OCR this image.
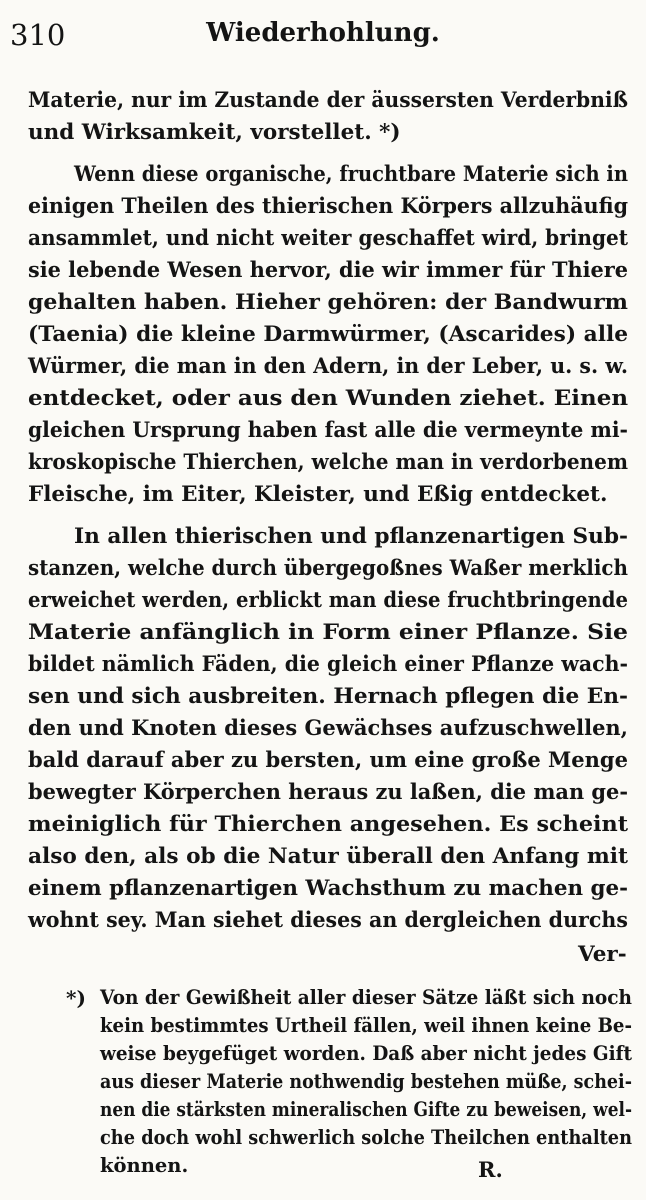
310	Wiederhohlung.
Materie, nur im Zustande der äussersten Verderbniß
und Wirksamkeit, vorstellet. *)
Wenn diese organische, fruchtbare Materie sich in
einigen Theilen des thierischen Körpers allzuhäufig
ansammlet, und nicht weiter geschaffet wird, bringet
sie lebende Wesen hervor, die wir immer für Thiere
gehalten haben. Hieher gehören: der Bandwurm
(Taenia) die kleine Darmwürmer, (Ascarides) alle
Würmer, die man in den Adern, in der Leber, u. s. w.
entdecket, oder aus den Wunden ziehet. Einen
gleichen Ursprung haben fast alle die vermeynte mi-
kroskopische Thierchen, welche man in verdorbenem
Fleische, im Eiter, Kleister, und Eßig entdecket.
In allen thierischen und pflanzenartigen Sub-
stanzen, welche durch übergegoßnes Waßer merklich
erweichet werden, erblickt man diese fruchtbringende
Materie anfänglich in Form einer Pflanze. Sie
bildet nämlich Fäden, die gleich einer Pflanze wach-
sen und sich ausbreiten. Hernach pflegen die En-
den und Knoten dieses Gewächses aufzuschwellen,
bald darauf aber zu bersten, um eine große Menge
bewegter Körperchen heraus zu laßen, die man ge-
meiniglich für Thierchen angesehen. Es scheint
also den, als ob die Natur überall den Anfang mit
einem pflanzenartigen Wachsthum zu machen ge-
wohnt sey. Man siehet dieses an dergleichen durchs
Ver-
*) Von der Gewißheit aller dieser Sätze läßt sich noch
kein bestimmtes Urtheil fällen, weil ihnen keine Be-
weise beygefüget worden. Daß aber nicht jedes Gift
aus dieser Materie nothwendig bestehen müße, schei-
nen die stärksten mineralischen Gifte zu beweisen, wel-
che doch wohl schwerlich solche Theilchen enthalten
können.	R.
